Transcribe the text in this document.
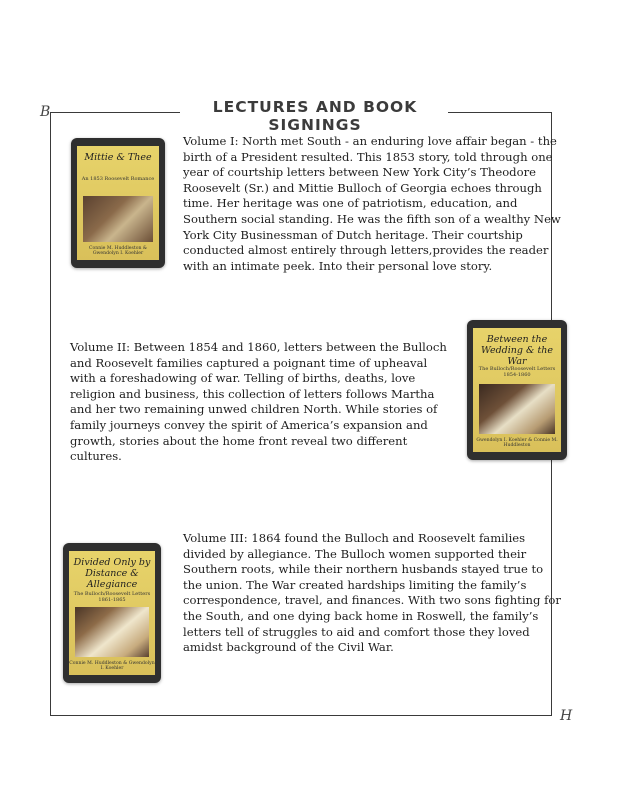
B
H
LECTURES AND BOOK SIGNINGS
Mittie & Thee
An 1853 Roosevelt Romance
Connie M. Huddleston & Gwendolyn I. Koehler

Volume I: North met South - an enduring love affair began - the birth of a President resulted. This 1853 story, told through one year of courtship letters between New York City’s Theodore Roosevelt (Sr.) and Mittie Bulloch of Georgia echoes through time. Her heritage was one of patriotism, education, and Southern social standing. He was the fifth son of a wealthy New York City Businessman of Dutch heritage. Their courtship conducted almost entirely through letters,provides the reader with an intimate peek. Into their personal love story.

Volume II: Between 1854 and 1860, letters between the Bulloch and Roosevelt families captured a poignant time of upheaval with a foreshadowing of war. Telling of births, deaths, love religion and business, this collection of letters follows Martha and her two remaining unwed children North. While stories of family journeys convey the spirit of America’s expansion and growth, stories about the home front reveal two different cultures.

Between the Wedding & the War
The Bulloch/Roosevelt Letters 1854-1860
Gwendolyn I. Koehler & Connie M. Huddleston
Divided Only by Distance & Allegiance
The Bulloch/Roosevelt Letters 1861-1865
Connie M. Huddleston & Gwendolyn I. Koehler

Volume III: 1864 found the Bulloch and Roosevelt families divided by allegiance. The Bulloch women supported their Southern roots, while their northern husbands stayed true to the union. The War created hardships limiting the family’s correspondence, travel, and finances. With two sons fighting for the South, and one dying back home in Roswell, the family’s letters tell of struggles to aid and comfort those they loved amidst background of the Civil War.
